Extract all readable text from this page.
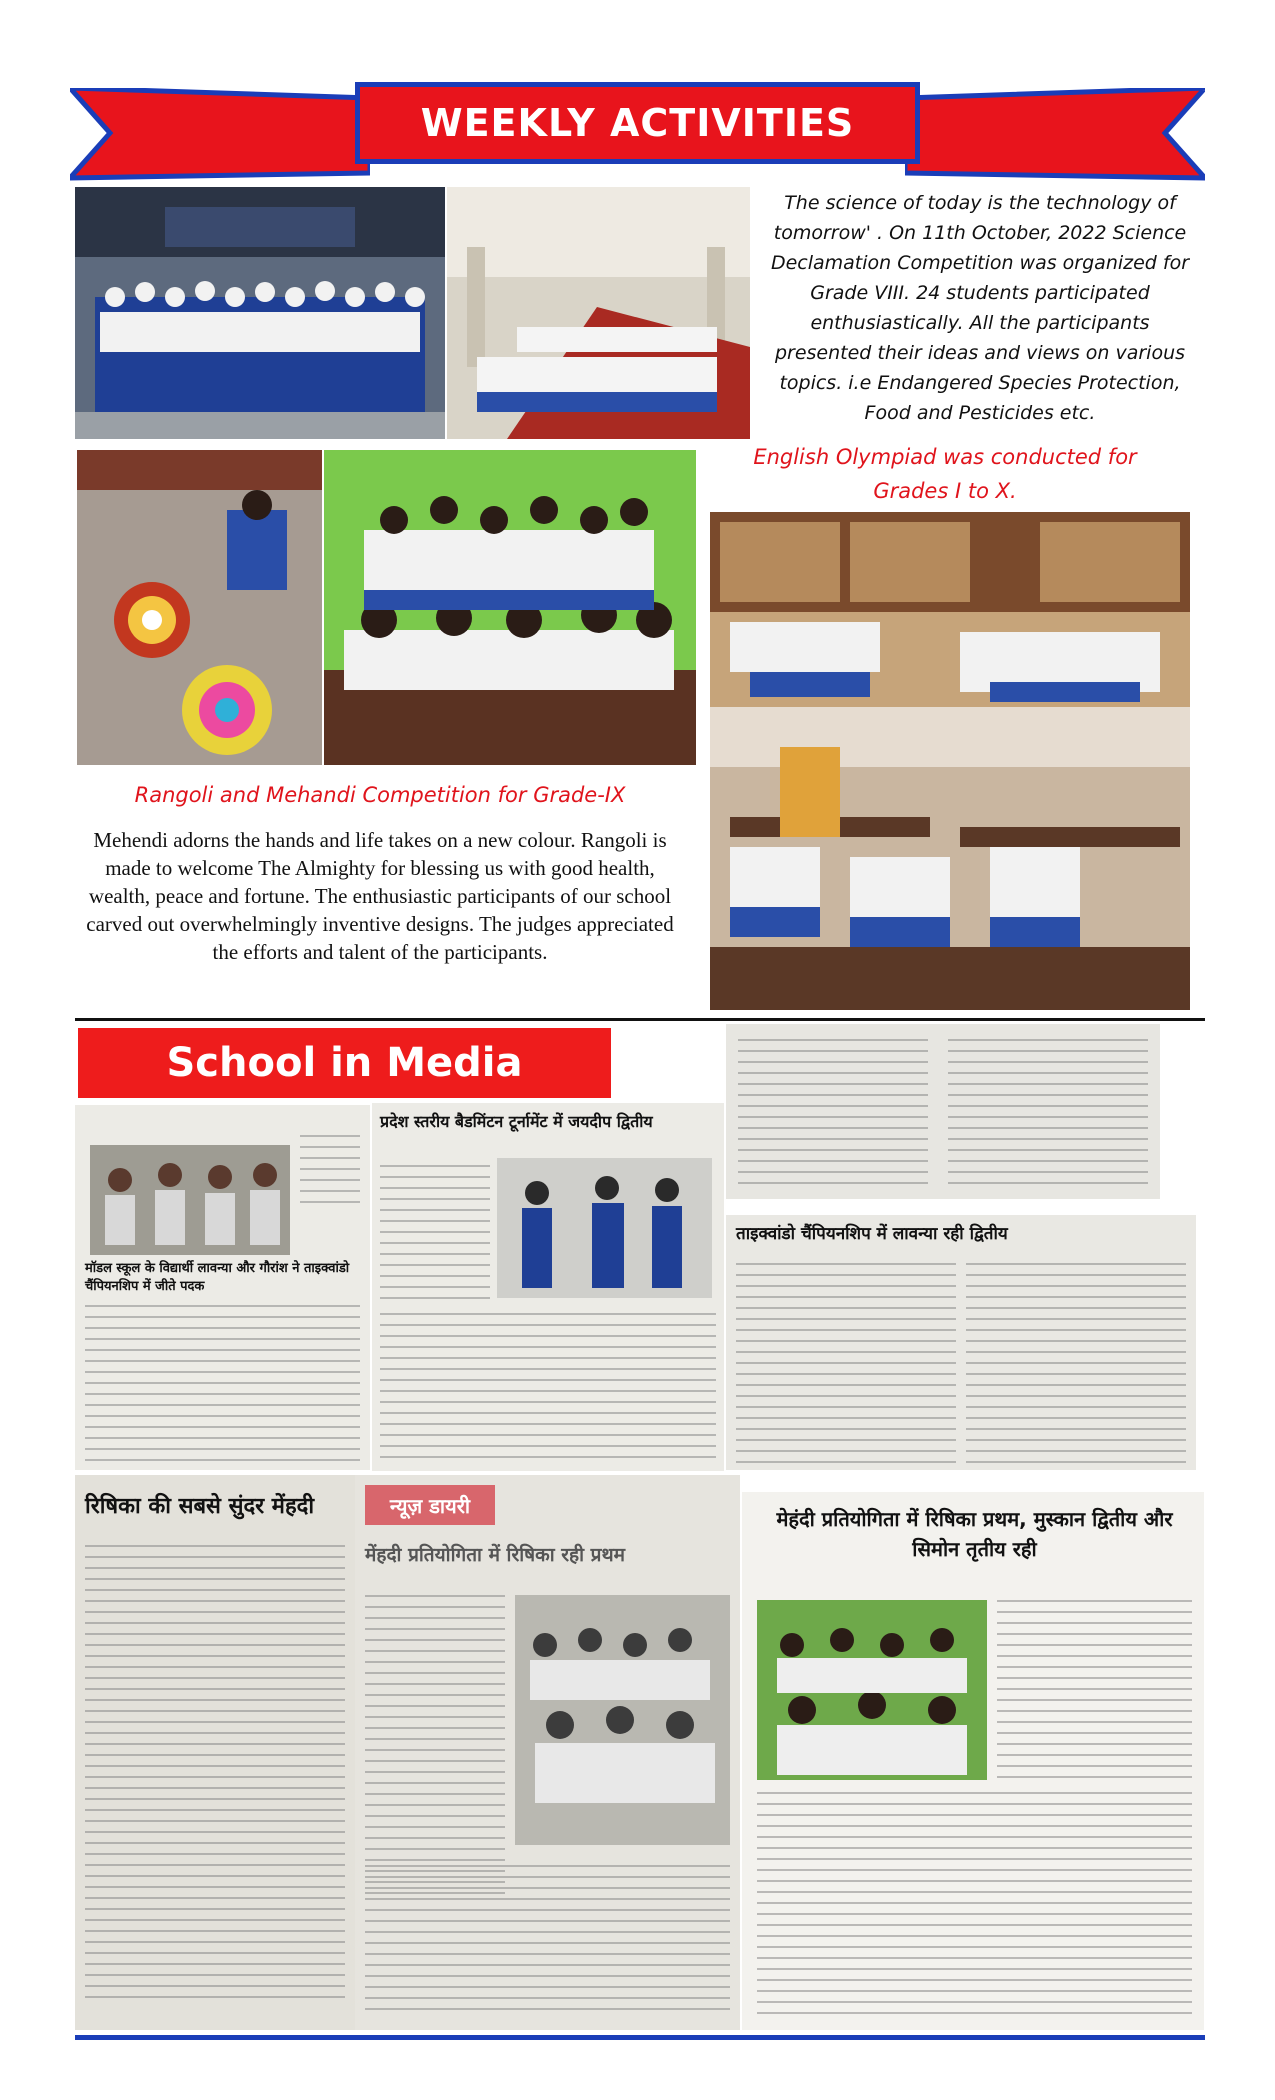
WEEKLY ACTIVITIES
The science of today is the technology of tomorrow' . On 11th October, 2022 Science Declamation Competition was organized for Grade VIII. 24 students participated enthusiastically. All the participants presented their ideas and views on various topics. i.e Endangered Species Protection, Food and Pesticides etc.
English Olympiad was conducted for Grades I to X.
Rangoli and Mehandi Competition for Grade-IX
Mehendi adorns the hands and life takes on a new colour. Rangoli is made to welcome The Almighty for blessing us with good health, wealth, peace and fortune. The enthusiastic participants of our school carved out overwhelmingly inventive designs. The judges appreciated the efforts and talent of the participants.
School in Media
मॉडल स्कूल के विद्यार्थी लावन्या और गौरांश ने ताइक्वांडो चैंपियनशिप में जीते पदक
प्रदेश स्तरीय बैडमिंटन टूर्नामेंट में जयदीप द्वितीय
ताइक्वांडो चैंपियनशिप में लावन्या रही द्वितीय
रिषिका की सबसे सुंदर मेंहदी	न्यूज़ डायरी
मेंहदी प्रतियोगिता में रिषिका रही प्रथम
मेहंदी प्रतियोगिता में रिषिका प्रथम, मुस्कान द्वितीय और सिमोन तृतीय रही
